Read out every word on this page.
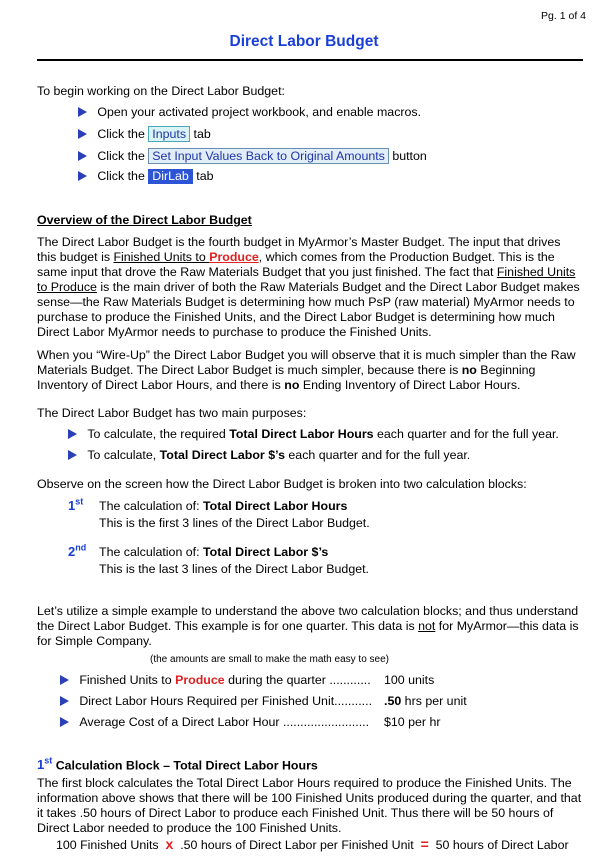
Pg. 1 of 4
Direct Labor Budget
To begin working on the Direct Labor Budget:
Open your activated project workbook, and enable macros.
Click the Inputs tab
Click the Set Input Values Back to Original Amounts button
Click the DirLab tab
Overview of the Direct Labor Budget
The Direct Labor Budget is the fourth budget in MyArmor’s Master Budget. The input that drives this budget is Finished Units to Produce, which comes from the Production Budget. This is the same input that drove the Raw Materials Budget that you just finished. The fact that Finished Units to Produce is the main driver of both the Raw Materials Budget and the Direct Labor Budget makes sense—the Raw Materials Budget is determining how much PsP (raw material) MyArmor needs to purchase to produce the Finished Units, and the Direct Labor Budget is determining how much Direct Labor MyArmor needs to purchase to produce the Finished Units.
When you “Wire-Up” the Direct Labor Budget you will observe that it is much simpler than the Raw Materials Budget. The Direct Labor Budget is much simpler, because there is no Beginning Inventory of Direct Labor Hours, and there is no Ending Inventory of Direct Labor Hours.
The Direct Labor Budget has two main purposes:
To calculate, the required Total Direct Labor Hours each quarter and for the full year.
To calculate, Total Direct Labor $’s each quarter and for the full year.
Observe on the screen how the Direct Labor Budget is broken into two calculation blocks:
1st The calculation of: Total Direct Labor Hours
This is the first 3 lines of the Direct Labor Budget.
2nd The calculation of: Total Direct Labor $’s
This is the last 3 lines of the Direct Labor Budget.
Let’s utilize a simple example to understand the above two calculation blocks; and thus understand the Direct Labor Budget. This example is for one quarter. This data is not for MyArmor—this data is for Simple Company.
(the amounts are small to make the math easy to see)
Finished Units to Produce during the quarter ............ 100 units
Direct Labor Hours Required per Finished Unit........... .50 hrs per unit
Average Cost of a Direct Labor Hour ......................... $10 per hr
1st Calculation Block – Total Direct Labor Hours
The first block calculates the Total Direct Labor Hours required to produce the Finished Units. The information above shows that there will be 100 Finished Units produced during the quarter, and that it takes .50 hours of Direct Labor to produce each Finished Unit. Thus there will be 50 hours of Direct Labor needed to produce the 100 Finished Units.
100 Finished Units x .50 hours of Direct Labor per Finished Unit = 50 hours of Direct Labor
